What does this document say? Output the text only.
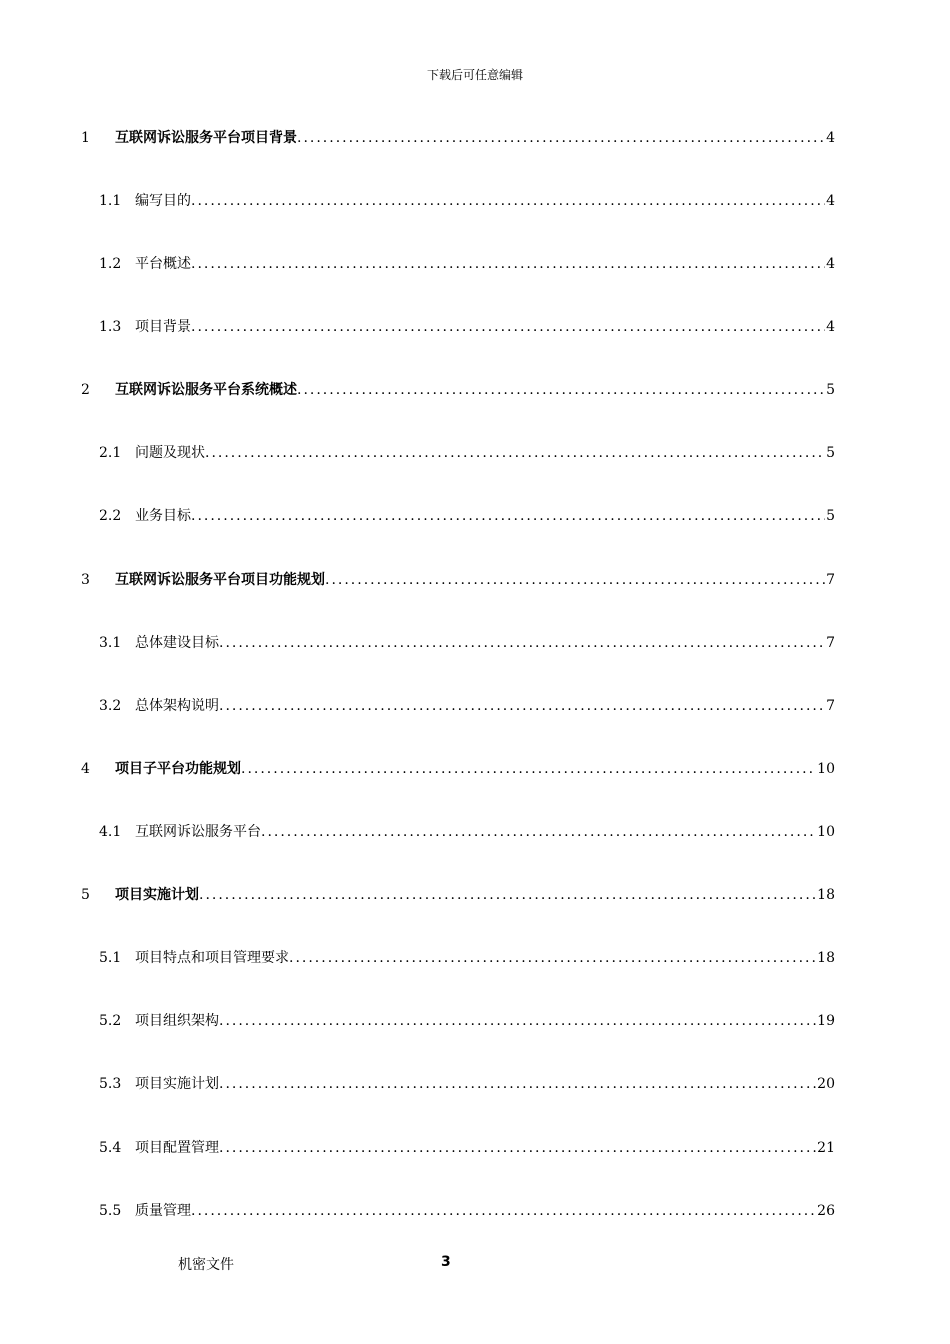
下载后可任意编辑
1 互联网诉讼服务平台项目背景 .....	4
1.1 编写目的 .....	4
1.2 平台概述 .....	4
1.3 项目背景 .....	4
2 互联网诉讼服务平台系统概述 .....	5
2.1 问题及现状 .....	5
2.2 业务目标 .....	5
3 互联网诉讼服务平台项目功能规划 .....	7
3.1 总体建设目标 .....	7
3.2 总体架构说明 .....	7
4 项目子平台功能规划 .....	10
4.1 互联网诉讼服务平台 .....	10
5 项目实施计划 .....	18
5.1 项目特点和项目管理要求 .....	18
5.2 项目组织架构 .....	19
5.3 项目实施计划 .....	20
5.4 项目配置管理 .....	21
5.5 质量管理 .....	26
机密文件	3
